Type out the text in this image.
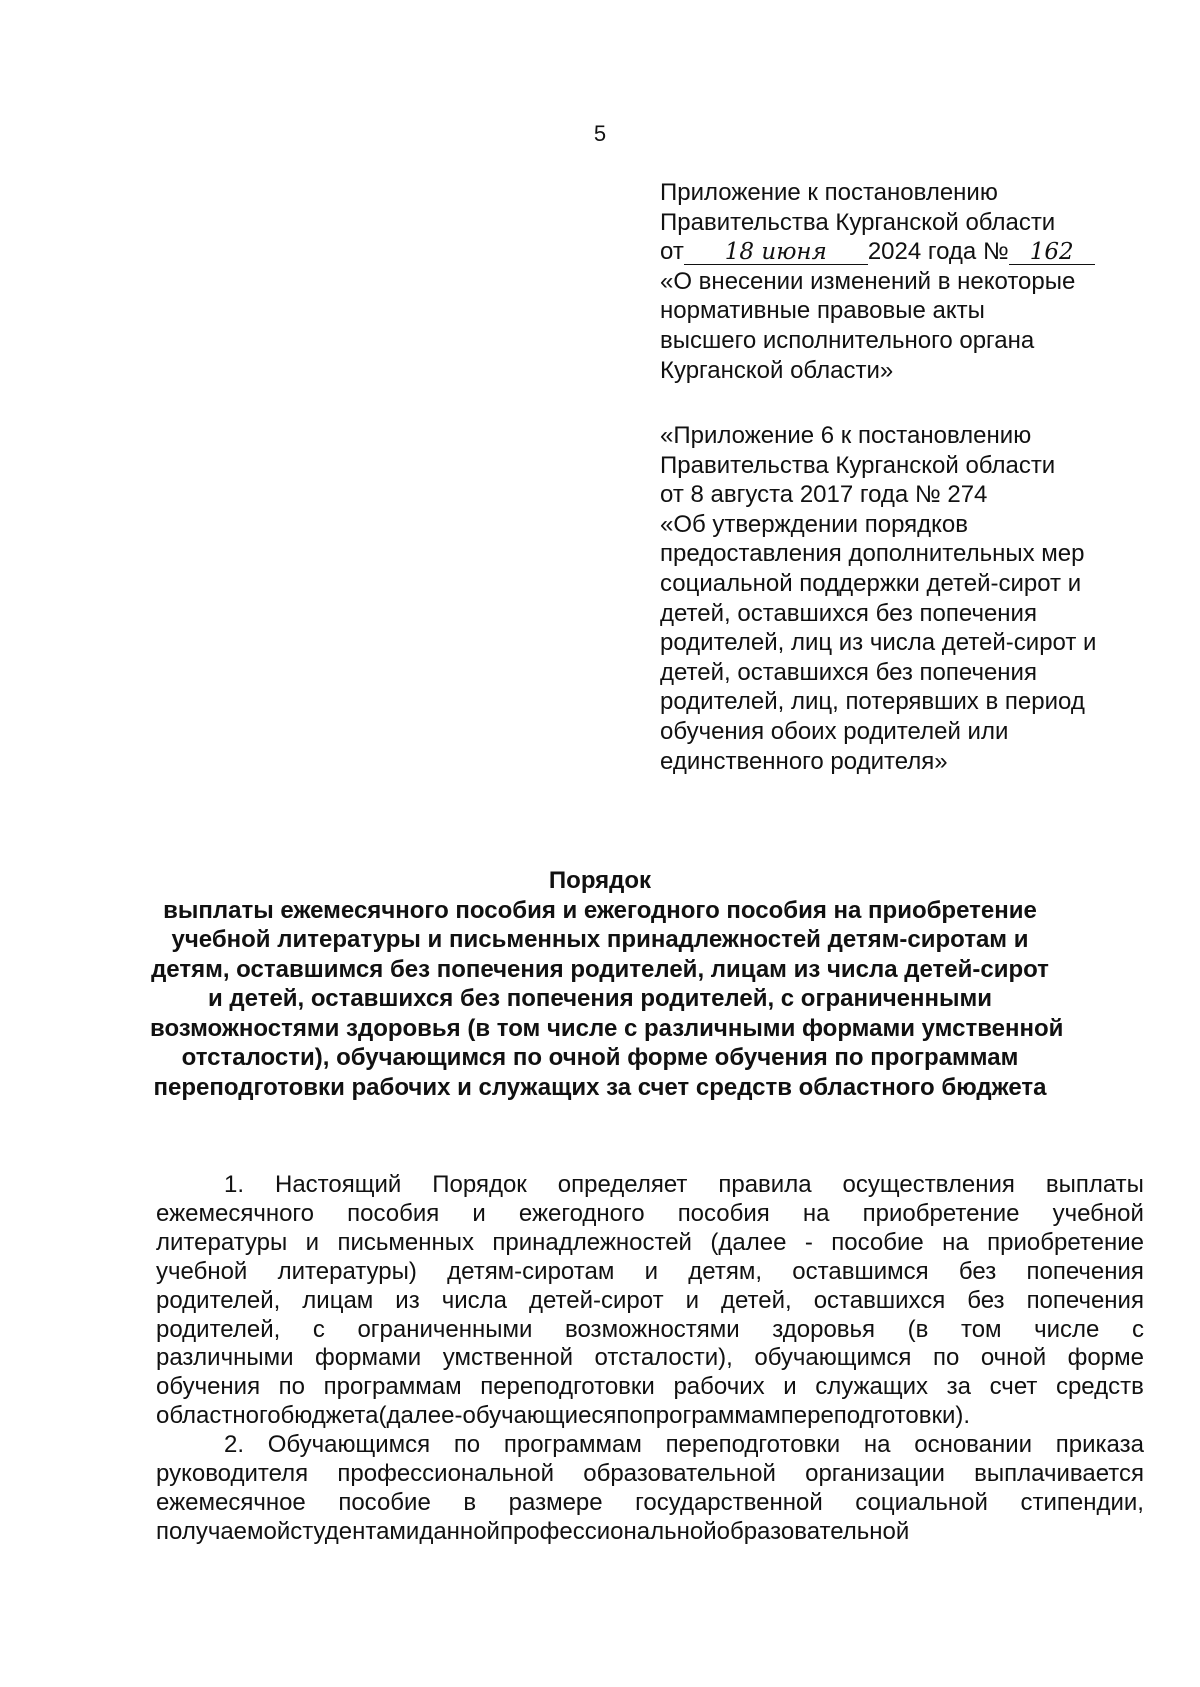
5
Приложение к постановлению
Правительства Курганской области
от 18 июня 2024 года № 162
«О внесении изменений в некоторые
нормативные правовые акты
высшего исполнительного органа
Курганской области»
«Приложение 6 к постановлению
Правительства Курганской области
от 8 августа 2017 года № 274
«Об утверждении порядков
предоставления дополнительных мер
социальной поддержки детей-сирот и
детей, оставшихся без попечения
родителей, лиц из числа детей-сирот и
детей, оставшихся без попечения
родителей, лиц, потерявших в период
обучения обоих родителей или
единственного родителя»
Порядок
выплаты ежемесячного пособия и ежегодного пособия на приобретение
учебной литературы и письменных принадлежностей детям-сиротам и
детям, оставшимся без попечения родителей, лицам из числа детей-сирот
и детей, оставшихся без попечения родителей, с ограниченными
возможностями здоровья (в том числе с различными формами умственной
отсталости), обучающимся по очной форме обучения по программам
переподготовки рабочих и служащих за счет средств областного бюджета
1. Настоящий Порядок определяет правила осуществления выплаты
ежемесячного пособия и ежегодного пособия на приобретение учебной
литературы и письменных принадлежностей (далее - пособие на приобретение
учебной литературы) детям-сиротам и детям, оставшимся без попечения
родителей, лицам из числа детей-сирот и детей, оставшихся без попечения
родителей, с ограниченными возможностями здоровья (в том числе с
различными формами умственной отсталости), обучающимся по очной форме
обучения по программам переподготовки рабочих и служащих за счет средств
областного бюджета (далее - обучающиеся по программам переподготовки).
2. Обучающимся по программам переподготовки на основании приказа
руководителя профессиональной образовательной организации выплачивается
ежемесячное пособие в размере государственной социальной стипендии,
получаемой студентами данной профессиональной образовательной
